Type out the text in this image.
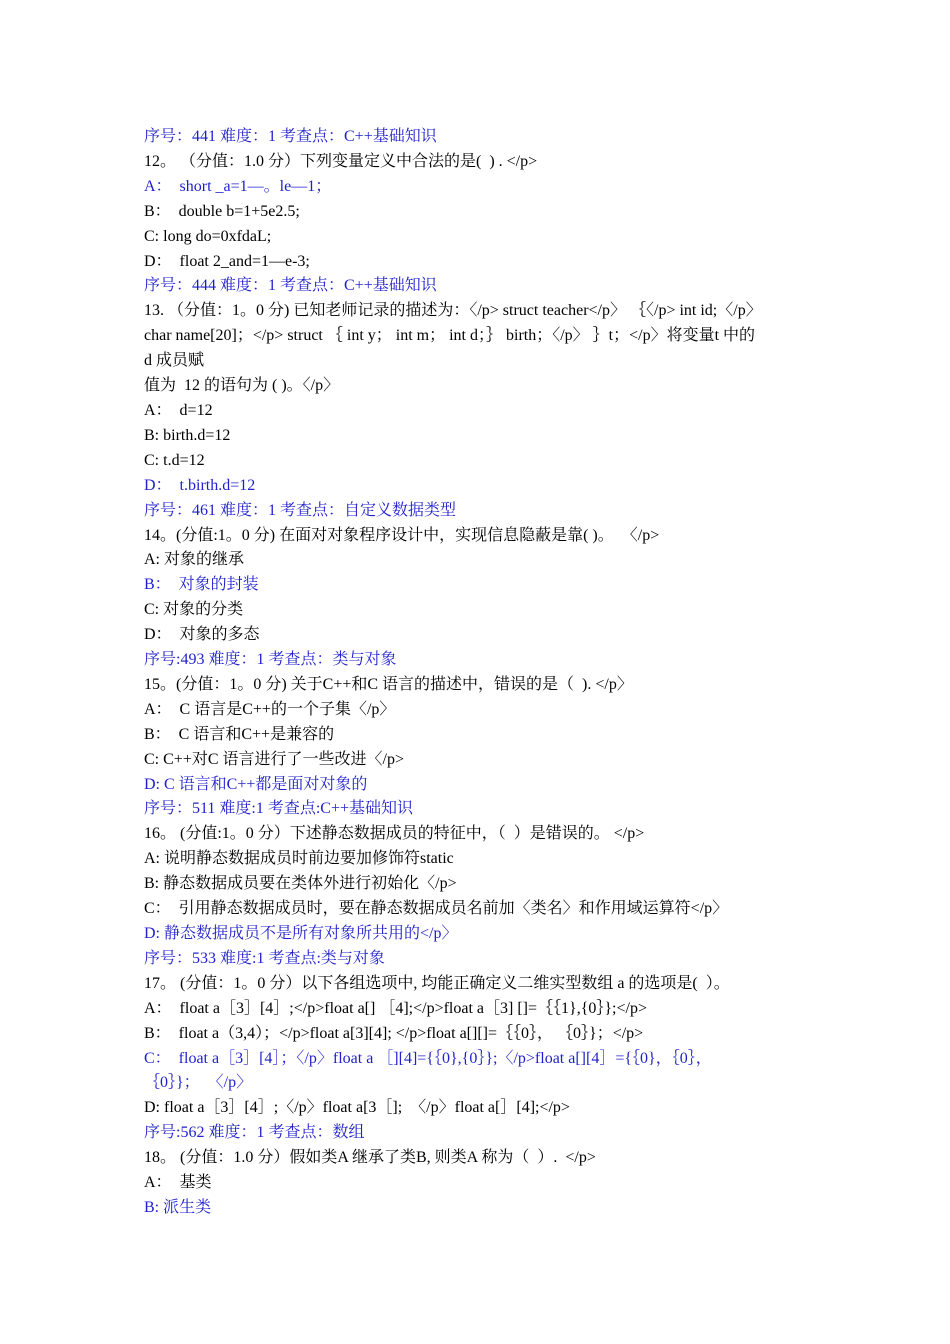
序号：441 难度：1 考查点：C++基础知识

12。 （分值：1.0 分）下列变量定义中合法的是(  ) . </p>

A：  short _a=1—。le—1；

B：  double b=1+5e2.5;

C: long do=0xfdaL;

D：  float 2_and=1—e-3;

序号：444 难度：1 考查点：C++基础知识

13. （分值：1。0 分) 已知老师记录的描述为：〈/p> struct teacher</p〉 ｛〈/p> int id;〈/p〉

char name[20]；</p> struct ｛ int y； int m； int d；｝ birth；〈/p〉 ｝t；</p〉将变量t 中的

d 成员赋

值为  12 的语句为 ( )。〈/p〉

A：  d=12

B: birth.d=12

C: t.d=12

D：  t.birth.d=12

序号：461 难度：1 考查点：自定义数据类型

14。(分值:1。0 分) 在面对对象程序设计中，实现信息隐蔽是靠( )。  〈/p>

A: 对象的继承

B：  对象的封装

C: 对象的分类

D：  对象的多态

序号:493 难度：1 考查点：类与对象

15。(分值：1。0 分) 关于C++和C 语言的描述中，错误的是（  ). </p〉

A：  C 语言是C++的一个子集〈/p〉

B：  C 语言和C++是兼容的

C: C++对C 语言进行了一些改进〈/p>

D: C 语言和C++都是面对对象的

序号：511 难度:1 考查点:C++基础知识

16。 (分值:1。0 分）下述静态数据成员的特征中，（  ）是错误的。 </p>

A: 说明静态数据成员时前边要加修饰符static

B: 静态数据成员要在类体外进行初始化〈/p>

C：  引用静态数据成员时，要在静态数据成员名前加〈类名〉和作用域运算符</p〉

D: 静态数据成员不是所有对象所共用的</p〉

序号：533 难度:1 考查点:类与对象

17。 (分值：1。0 分）以下各组选项中, 均能正确定义二维实型数组 a 的选项是(  ）。

A：  float a［3］[4］;</p>float a[] ［4];</p>float a［3] []=｛｛1},{0｝};</p>

B：  float a（3,4）；</p>float a[3][4]; </p>float a[][]=｛｛0｝， ｛0｝}；</p>

C：  float a［3］[4］；〈/p〉float a ［][4]={｛0},{0｝};〈/p>float a[][4］={｛0}，｛0｝，

｛0｝}；  〈/p〉

D: float a［3］[4］;〈/p〉float a[3［];  〈/p〉float a[］[4];</p>

序号:562 难度：1 考查点：数组

18。 (分值：1.0 分）假如类A 继承了类B, 则类A 称为（  ）.  </p>

A：  基类

B: 派生类
